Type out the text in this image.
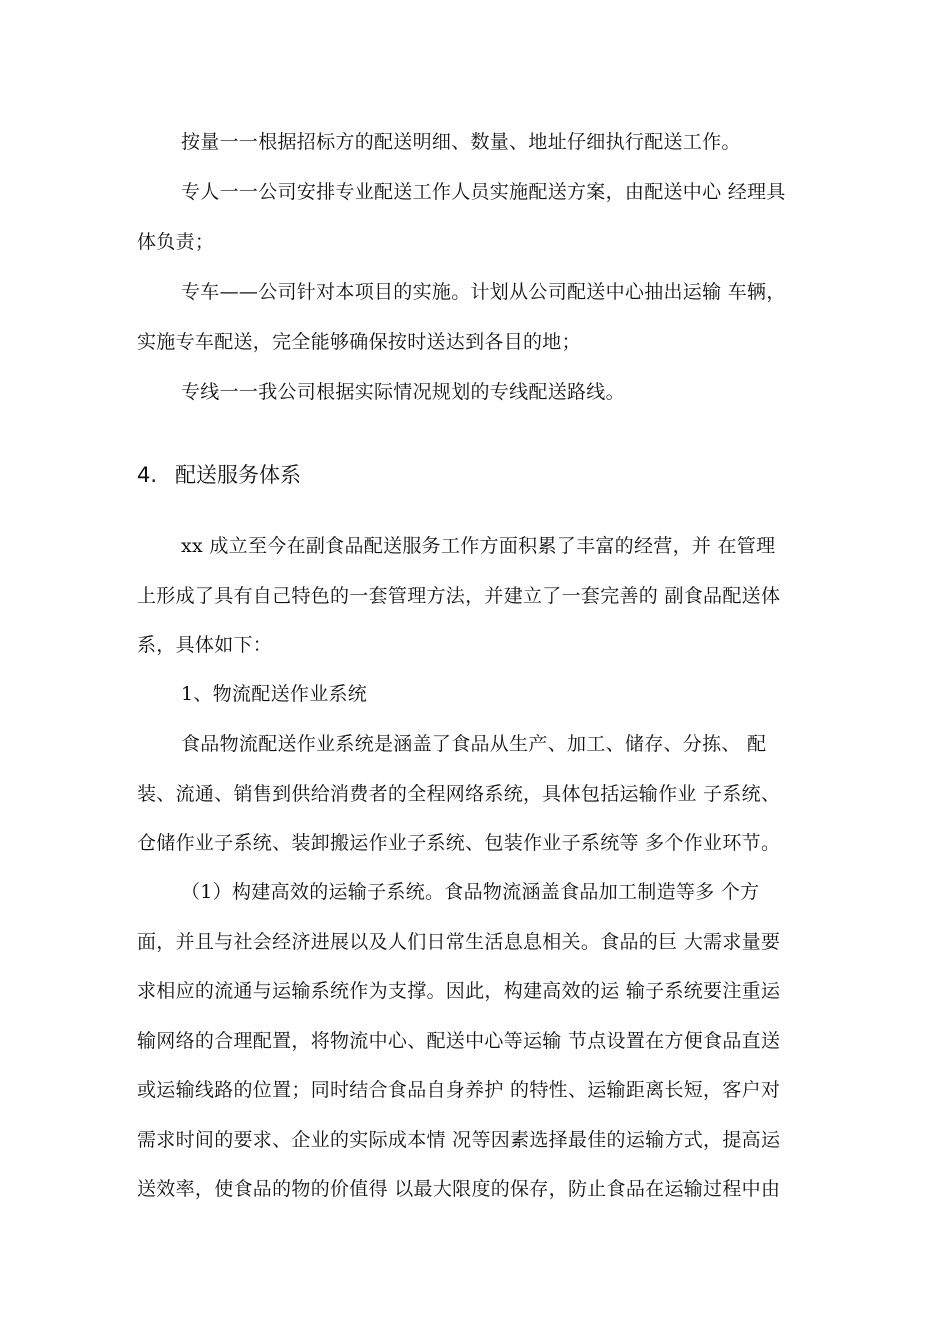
按量一一根据招标方的配送明细、数量、地址仔细执行配送工作。
专人一一公司安排专业配送工作人员实施配送方案，由配送中心 经理具
体负责；
专车——公司针对本项目的实施。计划从公司配送中心抽出运输 车辆，
实施专车配送，完全能够确保按时送达到各目的地；
专线一一我公司根据实际情况规划的专线配送路线。
4. 配送服务体系
xx 成立至今在副食品配送服务工作方面积累了丰富的经营，并 在管理
上形成了具有自己特色的一套管理方法，并建立了一套完善的 副食品配送体
系，具体如下：
1、物流配送作业系统
食品物流配送作业系统是涵盖了食品从生产、加工、储存、分拣、 配
装、流通、销售到供给消费者的全程网络系统，具体包括运输作业 子系统、
仓储作业子系统、装卸搬运作业子系统、包装作业子系统等 多个作业环节。
（1）构建高效的运输子系统。食品物流涵盖食品加工制造等多 个方
面，并且与社会经济进展以及人们日常生活息息相关。食品的巨 大需求量要
求相应的流通与运输系统作为支撑。因此，构建高效的运 输子系统要注重运
输网络的合理配置，将物流中心、配送中心等运输 节点设置在方便食品直送
或运输线路的位置；同时结合食品自身养护 的特性、运输距离长短，客户对
需求时间的要求、企业的实际成本情 况等因素选择最佳的运输方式，提高运
送效率，使食品的物的价值得 以最大限度的保存，防止食品在运输过程中由
